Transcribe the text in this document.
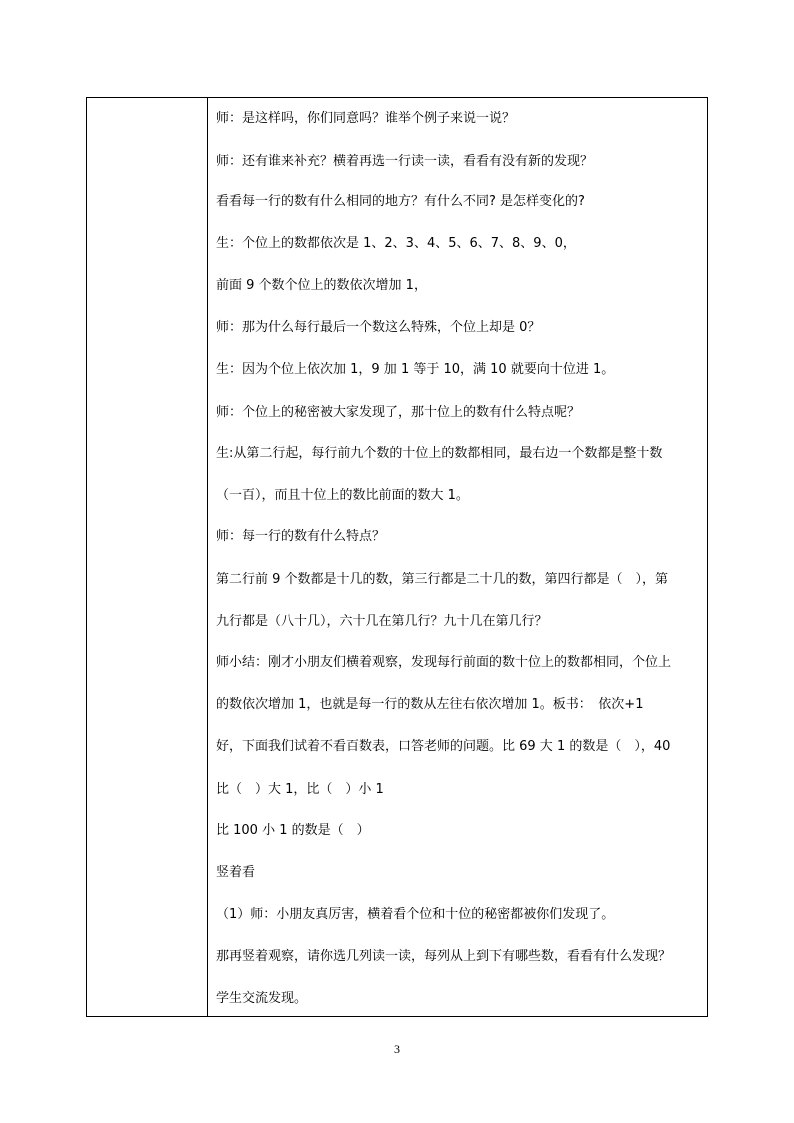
师：是这样吗，你们同意吗？谁举个例子来说一说？
师：还有谁来补充？横着再选一行读一读，看看有没有新的发现？
看看每一行的数有什么相同的地方？有什么不同? 是怎样变化的?
生：个位上的数都依次是 1、2、3、4、5、6、7、8、9、0，
前面 9 个数个位上的数依次增加 1，
师：那为什么每行最后一个数这么特殊，个位上却是 0？
生：因为个位上依次加 1，9 加 1 等于 10，满 10 就要向十位进 1。
师：个位上的秘密被大家发现了，那十位上的数有什么特点呢？
生:从第二行起，每行前九个数的十位上的数都相同，最右边一个数都是整十数
（一百），而且十位上的数比前面的数大 1。
师：每一行的数有什么特点？
第二行前 9 个数都是十几的数，第三行都是二十几的数，第四行都是（　），第
九行都是（八十几），六十几在第几行？九十几在第几行？
师小结：刚才小朋友们横着观察，发现每行前面的数十位上的数都相同，个位上
的数依次增加 1，也就是每一行的数从左往右依次增加 1。板书：　依次+1
好，下面我们试着不看百数表，口答老师的问题。比 69 大 1 的数是（　），40
比（　）大 1，比（　）小 1
比 100 小 1 的数是（　）
竖着看
（1）师：小朋友真厉害，横着看个位和十位的秘密都被你们发现了。
那再竖着观察，请你选几列读一读，每列从上到下有哪些数，看看有什么发现？
学生交流发现。
3
